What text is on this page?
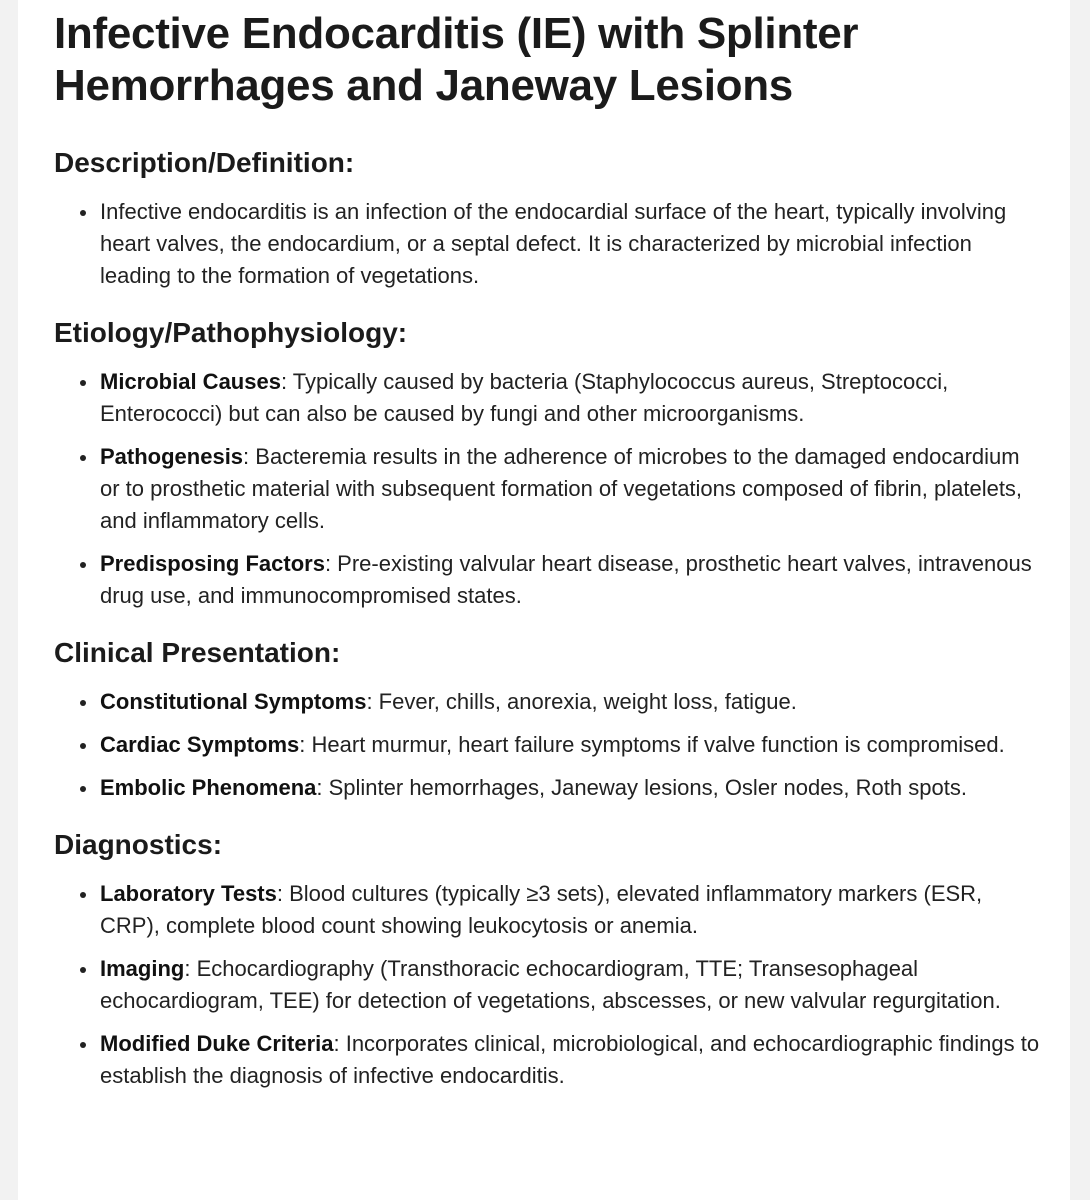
Infective Endocarditis (IE) with Splinter Hemorrhages and Janeway Lesions
Description/Definition:
Infective endocarditis is an infection of the endocardial surface of the heart, typically involving heart valves, the endocardium, or a septal defect. It is characterized by microbial infection leading to the formation of vegetations.
Etiology/Pathophysiology:
Microbial Causes: Typically caused by bacteria (Staphylococcus aureus, Streptococci, Enterococci) but can also be caused by fungi and other microorganisms.
Pathogenesis: Bacteremia results in the adherence of microbes to the damaged endocardium or to prosthetic material with subsequent formation of vegetations composed of fibrin, platelets, and inflammatory cells.
Predisposing Factors: Pre-existing valvular heart disease, prosthetic heart valves, intravenous drug use, and immunocompromised states.
Clinical Presentation:
Constitutional Symptoms: Fever, chills, anorexia, weight loss, fatigue.
Cardiac Symptoms: Heart murmur, heart failure symptoms if valve function is compromised.
Embolic Phenomena: Splinter hemorrhages, Janeway lesions, Osler nodes, Roth spots.
Diagnostics:
Laboratory Tests: Blood cultures (typically ≥3 sets), elevated inflammatory markers (ESR, CRP), complete blood count showing leukocytosis or anemia.
Imaging: Echocardiography (Transthoracic echocardiogram, TTE; Transesophageal echocardiogram, TEE) for detection of vegetations, abscesses, or new valvular regurgitation.
Modified Duke Criteria: Incorporates clinical, microbiological, and echocardiographic findings to establish the diagnosis of infective endocarditis.
